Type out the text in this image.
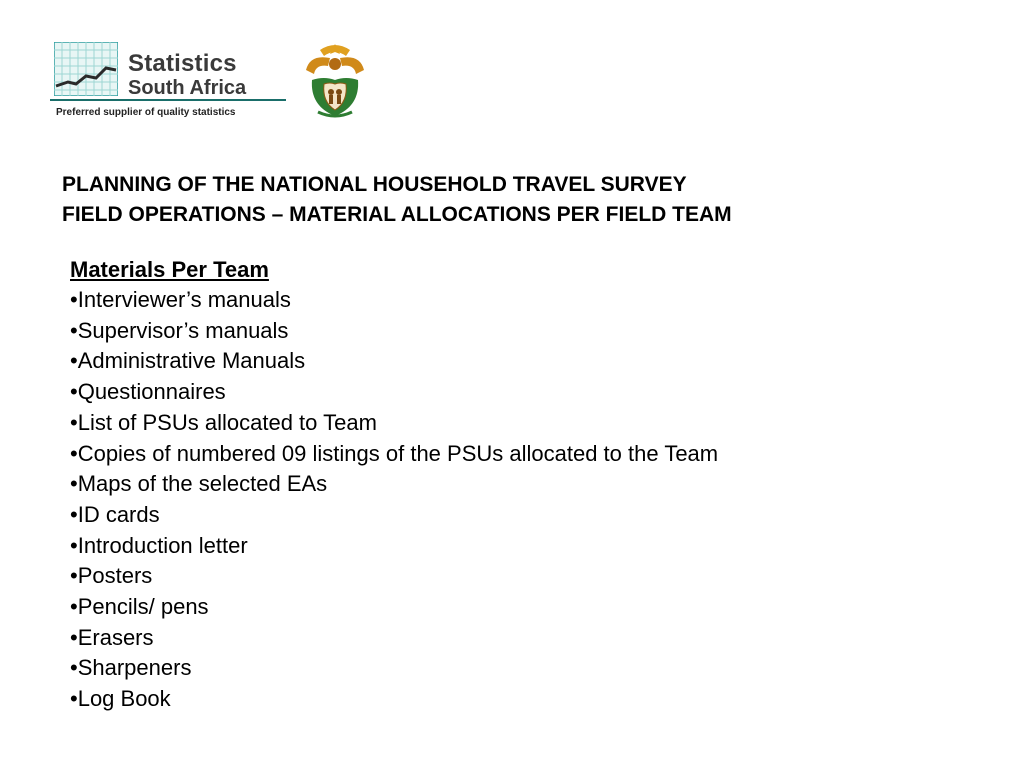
Statistics
South Africa
Preferred supplier of quality statistics
PLANNING OF THE NATIONAL HOUSEHOLD TRAVEL SURVEY
FIELD OPERATIONS – MATERIAL ALLOCATIONS PER FIELD TEAM
Materials Per Team
• Interviewer’s manuals
• Supervisor’s manuals
• Administrative Manuals
• Questionnaires
• List of PSUs allocated to Team
• Copies of numbered 09 listings of the PSUs allocated to the Team
• Maps of the selected EAs
• ID cards
• Introduction letter
• Posters
• Pencils/ pens
• Erasers
• Sharpeners
• Log Book
